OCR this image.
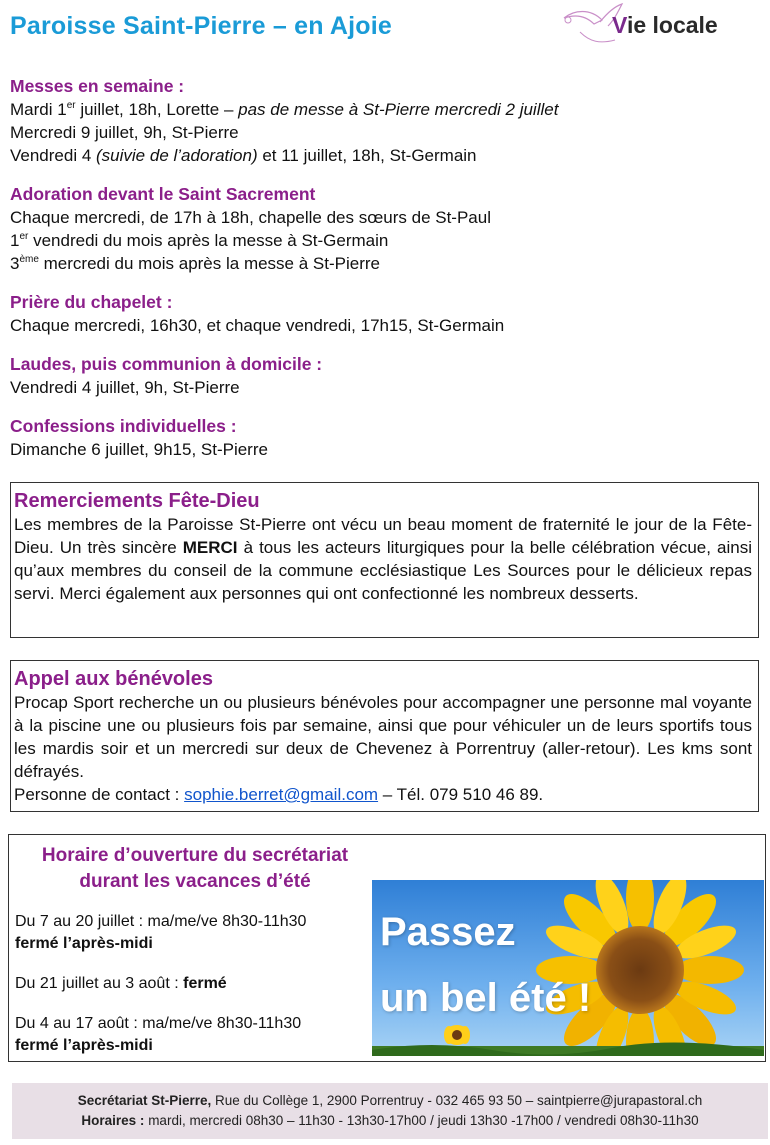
Paroisse Saint-Pierre – en Ajoie	Vie locale
Messes en semaine :
Mardi 1er juillet, 18h, Lorette – pas de messe à St-Pierre mercredi 2 juillet
Mercredi 9 juillet, 9h, St-Pierre
Vendredi 4 (suivie de l’adoration) et 11 juillet, 18h, St-Germain
Adoration devant le Saint Sacrement
Chaque mercredi, de 17h à 18h, chapelle des sœurs de St-Paul
1er vendredi du mois après la messe à St-Germain
3ème mercredi du mois après la messe à St-Pierre
Prière du chapelet :
Chaque mercredi, 16h30, et chaque vendredi, 17h15, St-Germain
Laudes, puis communion à domicile :
Vendredi 4 juillet, 9h, St-Pierre
Confessions individuelles :
Dimanche 6 juillet, 9h15, St-Pierre
Remerciements Fête-Dieu
Les membres de la Paroisse St-Pierre ont vécu un beau moment de fraternité le jour de la Fête-Dieu. Un très sincère MERCI à tous les acteurs liturgiques pour la belle célébration vécue, ainsi qu’aux membres du conseil de la commune ecclésiastique Les Sources pour le délicieux repas servi. Merci également aux personnes qui ont confectionné les nombreux desserts.
Appel aux bénévoles
Procap Sport recherche un ou plusieurs bénévoles pour accompagner une personne mal voyante à la piscine une ou plusieurs fois par semaine, ainsi que pour véhiculer un de leurs sportifs tous les mardis soir et un mercredi sur deux de Chevenez à Porrentruy (aller-retour). Les kms sont défrayés.
Personne de contact : sophie.berret@gmail.com – Tél. 079 510 46 89.
Horaire d’ouverture du secrétariat
durant les vacances d’été
Du 7 au 20 juillet : ma/me/ve 8h30-11h30
fermé l’après-midi
Du 21 juillet au 3 août : fermé
Du 4 au 17 août : ma/me/ve 8h30-11h30
fermé l’après-midi
Passez
un bel été !
Secrétariat St-Pierre, Rue du Collège 1, 2900 Porrentruy - 032 465 93 50 – saintpierre@jurapastoral.ch
Horaires : mardi, mercredi 08h30 – 11h30 - 13h30-17h00 / jeudi 13h30 -17h00 / vendredi 08h30-11h30
